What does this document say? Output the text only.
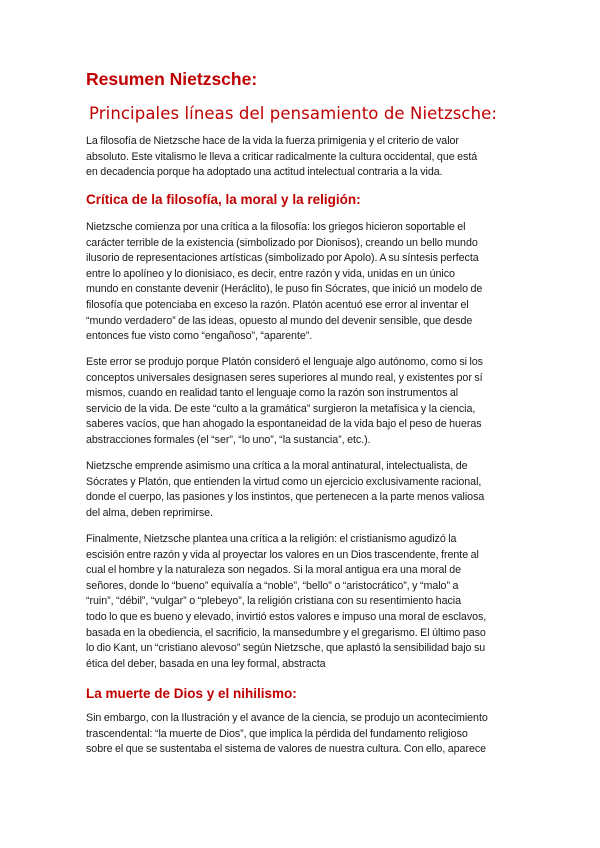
Resumen Nietzsche:
Principales líneas del pensamiento de Nietzsche:

La filosofía de Nietzsche hace de la vida la fuerza primigenia y el criterio de valor
absoluto. Este vitalismo le lleva a criticar radicalmente la cultura occidental, que está
en decadencia porque ha adoptado una actitud intelectual contraria a la vida.

Crítica de la filosofía, la moral y la religión:

Nietzsche comienza por una crítica a la filosofía: los griegos hicieron soportable el
carácter terrible de la existencia (simbolizado por Dionisos), creando un bello mundo
ilusorio de representaciones artísticas (simbolizado por Apolo). A su síntesis perfecta
entre lo apolíneo y lo dionisiaco, es decir, entre razón y vida, unidas en un único
mundo en constante devenir (Heráclito), le puso fin Sócrates, que inició un modelo de
filosofía que potenciaba en exceso la razón. Platón acentuó ese error al inventar el
“mundo verdadero” de las ideas, opuesto al mundo del devenir sensible, que desde
entonces fue visto como “engañoso”, “aparente”.

Este error se produjo porque Platón consideró el lenguaje algo autónomo, como si los
conceptos universales designasen seres superiores al mundo real, y existentes por sí
mismos, cuando en realidad tanto el lenguaje como la razón son instrumentos al
servicio de la vida. De este “culto a la gramática” surgieron la metafísica y la ciencia,
saberes vacíos, que han ahogado la espontaneidad de la vida bajo el peso de hueras
abstracciones formales (el “ser”, “lo uno”, “la sustancia”, etc.).

Nietzsche emprende asimismo una crítica a la moral antinatural, intelectualista, de
Sócrates y Platón, que entienden la virtud como un ejercicio exclusivamente racional,
donde el cuerpo, las pasiones y los instintos, que pertenecen a la parte menos valiosa
del alma, deben reprimirse.

Finalmente, Nietzsche plantea una crítica a la religión: el cristianismo agudizó la
escisión entre razón y vida al proyectar los valores en un Dios trascendente, frente al
cual el hombre y la naturaleza son negados. Si la moral antigua era una moral de
señores, donde lo “bueno” equivalía a “noble”, “bello” o “aristocrático”, y “malo” a
“ruin”, “débil”, “vulgar” o “plebeyo”, la religión cristiana con su resentimiento hacia
todo lo que es bueno y elevado, invirtió estos valores e impuso una moral de esclavos,
basada en la obediencia, el sacrificio, la mansedumbre y el gregarismo. El último paso
lo dio Kant, un “cristiano alevoso” según Nietzsche, que aplastó la sensibilidad bajo su
ética del deber, basada en una ley formal, abstracta

La muerte de Dios y el nihilismo:

Sin embargo, con la Ilustración y el avance de la ciencia, se produjo un acontecimiento
trascendental: “la muerte de Dios”, que implica la pérdida del fundamento religioso
sobre el que se sustentaba el sistema de valores de nuestra cultura. Con ello, aparece
